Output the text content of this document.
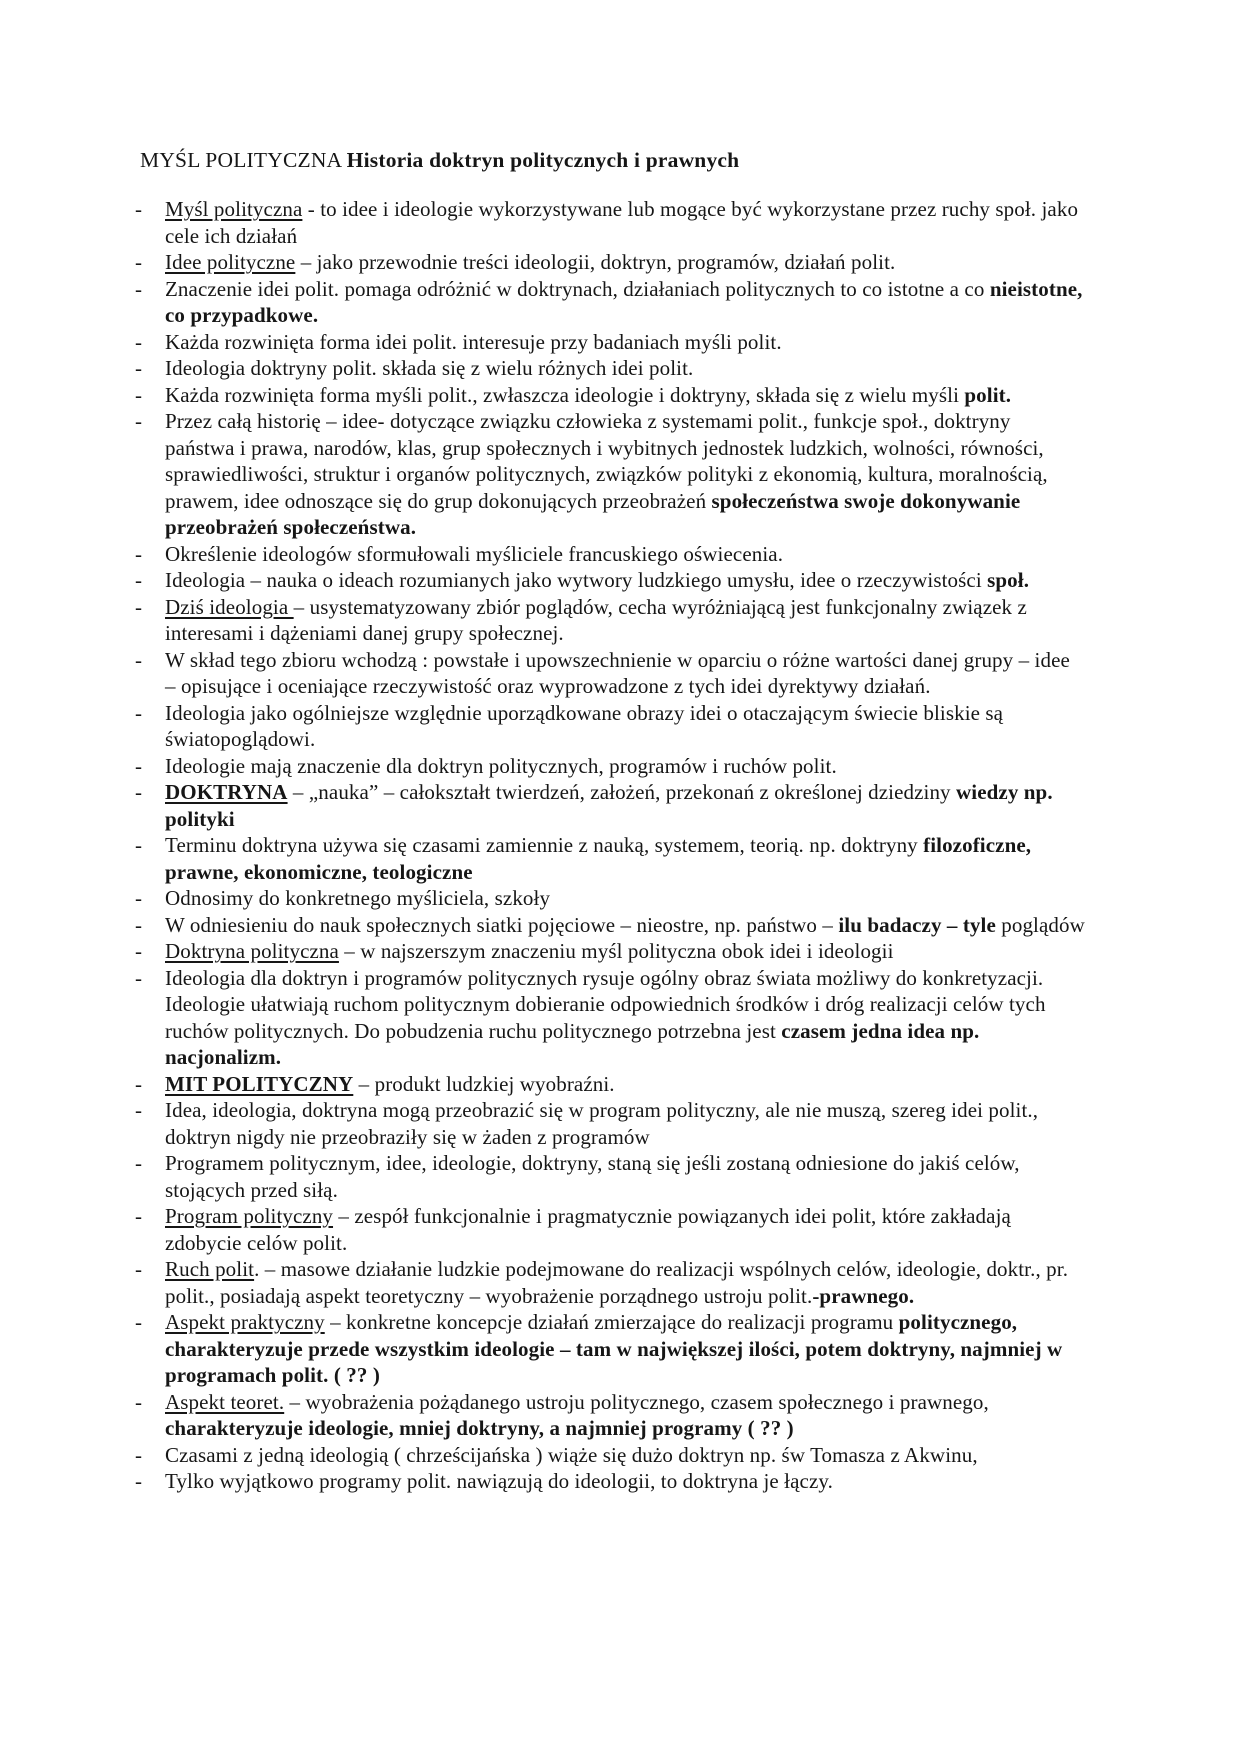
MYŚL POLITYCZNA Historia doktryn politycznych i prawnych
- Myśl polityczna - to idee i ideologie wykorzystywane lub mogące być wykorzystane przez ruchy społ. jako cele ich działań
- Idee polityczne – jako przewodnie treści ideologii, doktryn, programów, działań polit.
- Znaczenie idei polit. pomaga odróżnić w doktrynach, działaniach politycznych to co istotne a co nieistotne, co przypadkowe.
- Każda rozwinięta forma idei polit. interesuje przy badaniach myśli polit.
- Ideologia doktryny polit. składa się z wielu różnych idei polit.
- Każda rozwinięta forma myśli polit., zwłaszcza ideologie i doktryny, składa się z wielu myśli polit.
- Przez całą historię – idee- dotyczące związku człowieka z systemami polit., funkcje społ., doktryny państwa i prawa, narodów, klas, grup społecznych i wybitnych jednostek ludzkich, wolności, równości, sprawiedliwości, struktur i organów politycznych, związków polityki z ekonomią, kultura, moralnością, prawem, idee odnoszące się do grup dokonujących przeobrażeń społeczeństwa swoje dokonywanie przeobrażeń społeczeństwa.
- Określenie ideologów sformułowali myśliciele francuskiego oświecenia.
- Ideologia – nauka o ideach rozumianych jako wytwory ludzkiego umysłu, idee o rzeczywistości społ.
- Dziś ideologia – usystematyzowany zbiór poglądów, cecha wyróżniającą jest funkcjonalny związek z interesami i dążeniami danej grupy społecznej.
- W skład tego zbioru wchodzą : powstałe i upowszechnienie w oparciu o różne wartości danej grupy – idee – opisujące i oceniające rzeczywistość oraz wyprowadzone z tych idei dyrektywy działań.
- Ideologia jako ogólniejsze względnie uporządkowane obrazy idei o otaczającym świecie bliskie są światopoglądowi.
- Ideologie mają znaczenie dla doktryn politycznych, programów i ruchów polit.
- DOKTRYNA – „nauka” – całokształt twierdzeń, założeń, przekonań z określonej dziedziny wiedzy np. polityki
- Terminu doktryna używa się czasami zamiennie z nauką, systemem, teorią. np. doktryny filozoficzne, prawne, ekonomiczne, teologiczne
- Odnosimy do konkretnego myśliciela, szkoły
- W odniesieniu do nauk społecznych siatki pojęciowe – nieostre, np. państwo – ilu badaczy – tyle poglądów
- Doktryna polityczna – w najszerszym znaczeniu myśl polityczna obok idei i ideologii
- Ideologia dla doktryn i programów politycznych rysuje ogólny obraz świata możliwy do konkretyzacji. Ideologie ułatwiają ruchom politycznym dobieranie odpowiednich środków i dróg realizacji celów tych ruchów politycznych. Do pobudzenia ruchu politycznego potrzebna jest czasem jedna idea np. nacjonalizm.
- MIT POLITYCZNY – produkt ludzkiej wyobraźni.
- Idea, ideologia, doktryna mogą przeobrazić się w program polityczny, ale nie muszą, szereg idei polit., doktryn nigdy nie przeobraziły się w żaden z programów
- Programem politycznym, idee, ideologie, doktryny, staną się jeśli zostaną odniesione do jakiś celów, stojących przed siłą.
- Program polityczny – zespół funkcjonalnie i pragmatycznie powiązanych idei polit, które zakładają zdobycie celów polit.
- Ruch polit. – masowe działanie ludzkie podejmowane do realizacji wspólnych celów, ideologie, doktr., pr. polit., posiadają aspekt teoretyczny – wyobrażenie porządnego ustroju polit.-prawnego.
- Aspekt praktyczny – konkretne koncepcje działań zmierzające do realizacji programu politycznego, charakteryzuje przede wszystkim ideologie – tam w największej ilości, potem doktryny, najmniej w programach polit. ( ?? )
- Aspekt teoret. – wyobrażenia pożądanego ustroju politycznego, czasem społecznego i prawnego, charakteryzuje ideologie, mniej doktryny, a najmniej programy ( ?? )
- Czasami z jedną ideologią ( chrześcijańska ) wiąże się dużo doktryn np. św Tomasza z Akwinu,
- Tylko wyjątkowo programy polit. nawiązują do ideologii, to doktryna je łączy.
